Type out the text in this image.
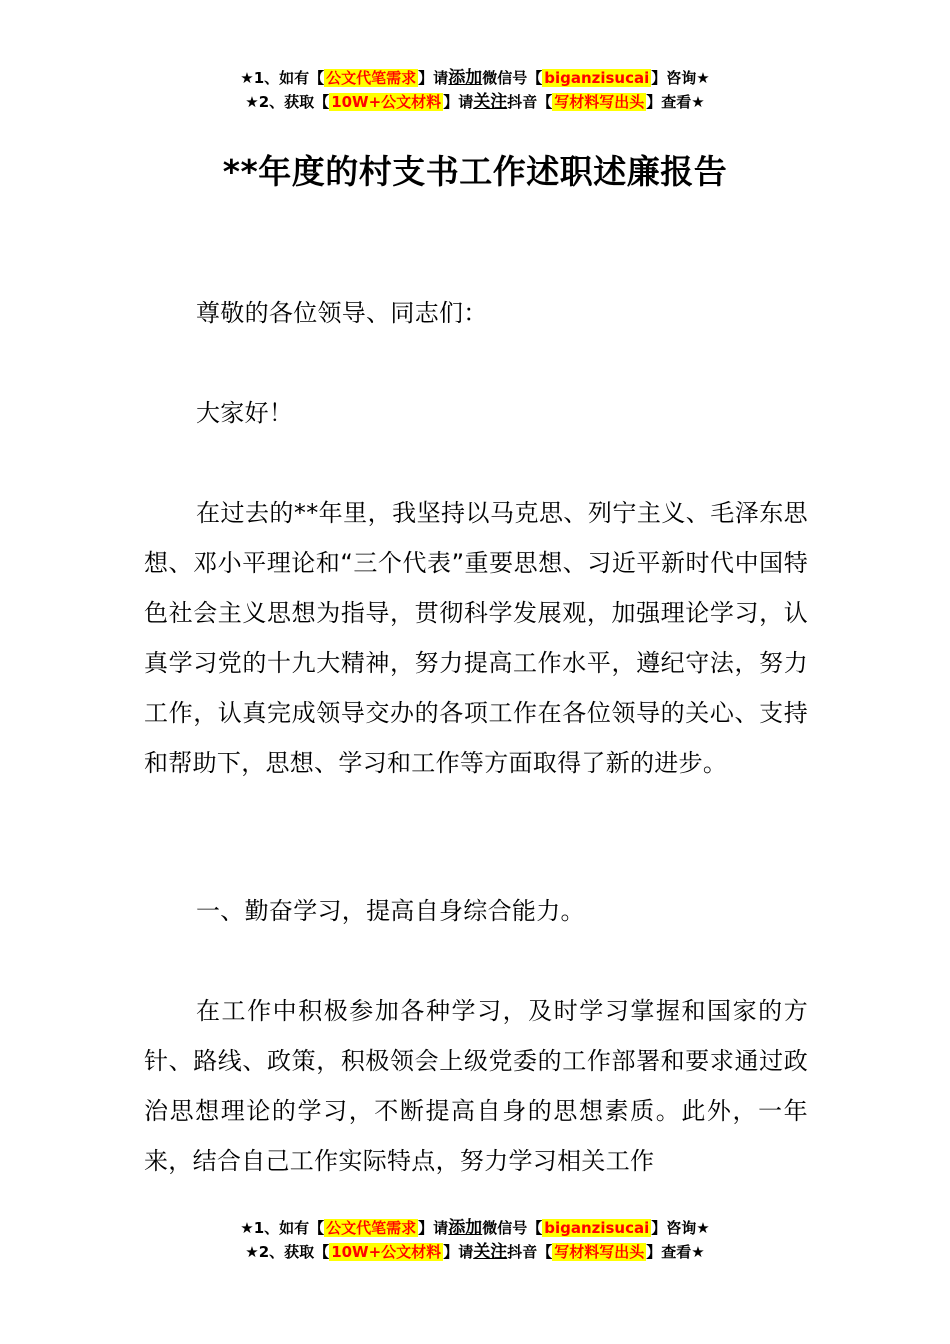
★1、如有【 公文代笔需求 】请添加微信号【 biganzisucai 】咨询★
★2、获取【 10W+公文材料 】请关注抖音【 写材料写出头 】查看★
**年度的村支书工作述职述廉报告

尊敬的各位领导、同志们：

大家好！

在过去的**年里，我坚持以马克思、列宁主义、毛泽东思想、邓小平理论和“三个代表”重要思想、习近平新时代中国特色社会主义思想为指导，贯彻科学发展观，加强理论学习，认真学习党的十九大精神，努力提高工作水平，遵纪守法，努力工作，认真完成领导交办的各项工作在各位领导的关心、支持和帮助下，思想、学习和工作等方面取得了新的进步。

一、勤奋学习，提高自身综合能力。

在工作中积极参加各种学习，及时学习掌握和国家的方针、路线、政策，积极领会上级党委的工作部署和要求通过政治思想理论的学习，不断提高自身的思想素质。此外，一年来，结合自己工作实际特点，努力学习相关工作

★1、如有【 公文代笔需求 】请添加微信号【 biganzisucai 】咨询★
★2、获取【 10W+公文材料 】请关注抖音【 写材料写出头 】查看★
